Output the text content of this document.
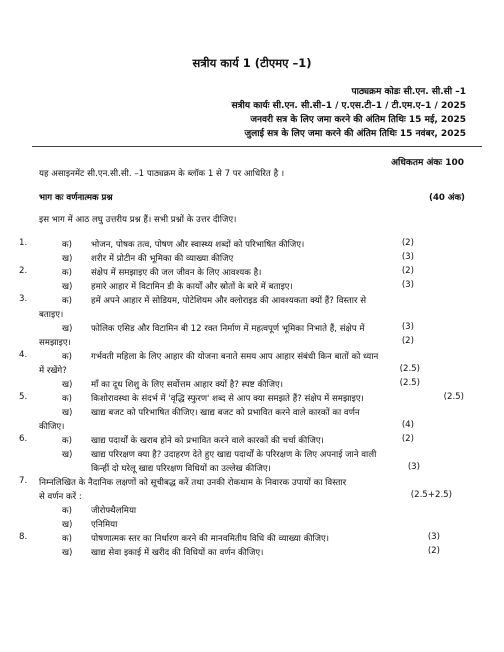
सत्रीय कार्य 1 (टीएमए –1)
पाठ्यक्रम कोडः सी.एन. सी.सी –1
सत्रीय कार्यः सी.एन. सी.सी–1 / ए.एस.टी–1 / टी.एम.ए–1 / 2025
जनवरी सत्र के लिए जमा करने की अंतिम तिथिः 15 मई, 2025
जुलाई सत्र के लिए जमा करने की अंतिम तिथिः 15 नवंबर, 2025
अधिकतम अंकः 100
यह असाइनमेंट सी.एन.सी.सी. –1 पाठ्यक्रम के ब्लॉक 1 से 7 पर आधिरित है ।
भाग कः वर्णनात्मक प्रश्न	(40 अंक)
इस भाग में आठ लघु उत्तरीय प्रश्न हैं। सभी प्रश्नों के उत्तर दीजिए।
1.	क) भोजन, पोषक तत्व, पोषण और स्वास्थ्य शब्दों को परिभाषित कीजिए।	(2)
ख) शरीर में प्रोटीन की भूमिका की व्याख्या कीजिए	(3)
2.	क) संक्षेप में समझाइए की जल जीवन के लिए आवश्यक है।	(2)
ख) हमारे आहार में विटामिन डी के कार्यों और स्रोतों के बारे में बताइए।	(3)
3.	क) हमें अपने आहार में सोडियम, पोटेशियम और क्लोराइड की आवश्यकता क्यों हैं? विस्तार से
बताइए।
(3)
ख) फोलिक एसिड और विटामिन बी 12 रक्त निर्माण में महत्वपूर्ण भूमिका निभाते हैं, संक्षेप में
समझाइए।	(2)
4.	क) गर्भवती महिला के लिए आहार की योजना बनाते समय आप आहार संबंधी किन बातों को ध्यान
में रखेंगे?	(2.5)
ख) माँ का दूध शिशु के लिए सर्वोत्तम आहार क्यों है? स्पष्ट कीजिए।	(2.5)
5.	क) किशोरावस्था के संदर्भ में 'वृद्धि स्फुरण' शब्द से आप क्या समझते हैं? संक्षेप में समझाइए।	(2.5)
ख) खाद्य बजट को परिभाषित कीजिए। खाद्य बजट को प्रभावित करने वाले कारकों का वर्णन
कीजिए।	(4)
6.	क) खाद्य पदार्थों के खराब होने को प्रभावित करने वाले कारकों की चर्चा कीजिए।	(2)
ख) खाद्य परिरक्षण क्या है? उदाहरण देते हुए खाद्य पदार्थों के परिरक्षण के लिए अपनाई जाने वाली
किन्हीं दो घरेलू खाद्य परिरक्षण विधियों का उल्लेख कीजिए।	(3)
7. निम्नलिखित के नैदानिक लक्षणों को सूचीबद्ध करें तथा उनकी रोकथाम के निवारक उपायों का विस्तार
से वर्णन करें :	(2.5+2.5)
क) जीरोफ्थैलमिया
ख) एनिमिया
8.	क) पोषणात्मक स्तर का निर्धारण करने की मानवमितीय विधि की व्याख्या कीजिए।	(3)
ख) खाद्य सेवा इकाई में खरीद की विधियों का वर्णन कीजिए।	(2)
